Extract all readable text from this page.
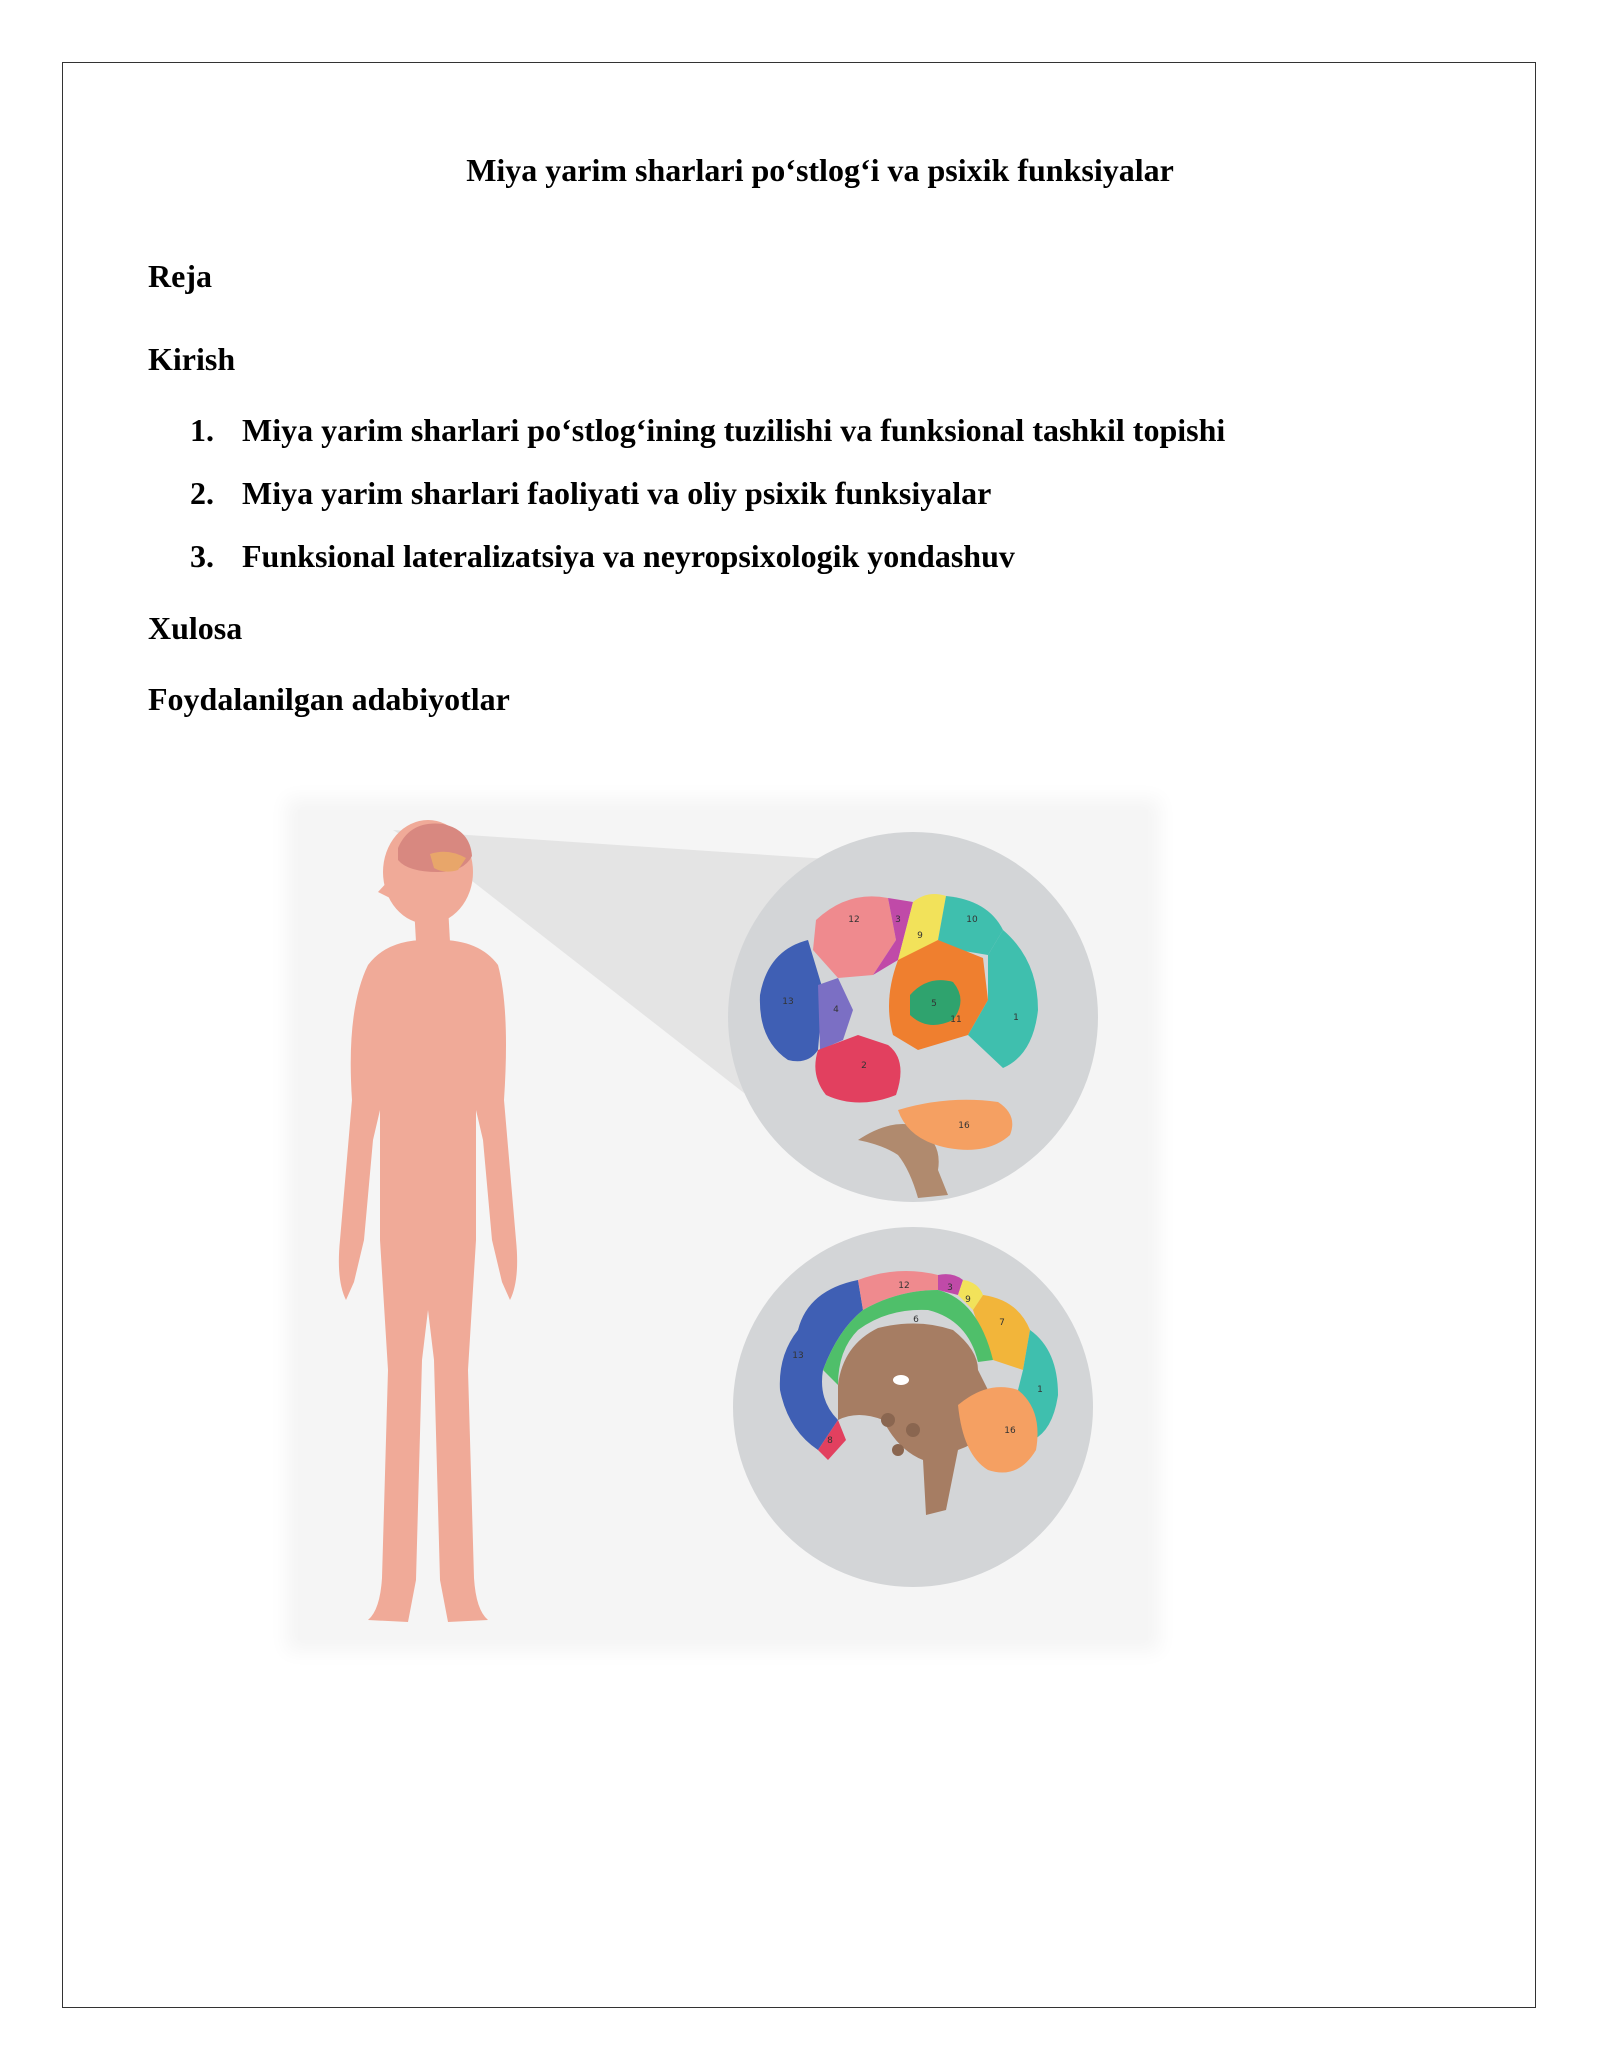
Miya yarim sharlari po‘stlog‘i va psixik funksiyalar
Reja
Kirish
1. Miya yarim sharlari po‘stlog‘ining tuzilishi va funksional tashkil topishi
2. Miya yarim sharlari faoliyati va oliy psixik funksiyalar
3. Funksional lateralizatsiya va neyropsixologik yondashuv
Xulosa
Foydalanilgan adabiyotlar
12	3
9
10
13
4
5
11	1
2
16
12	3
9
7
13
6
1
8
16
